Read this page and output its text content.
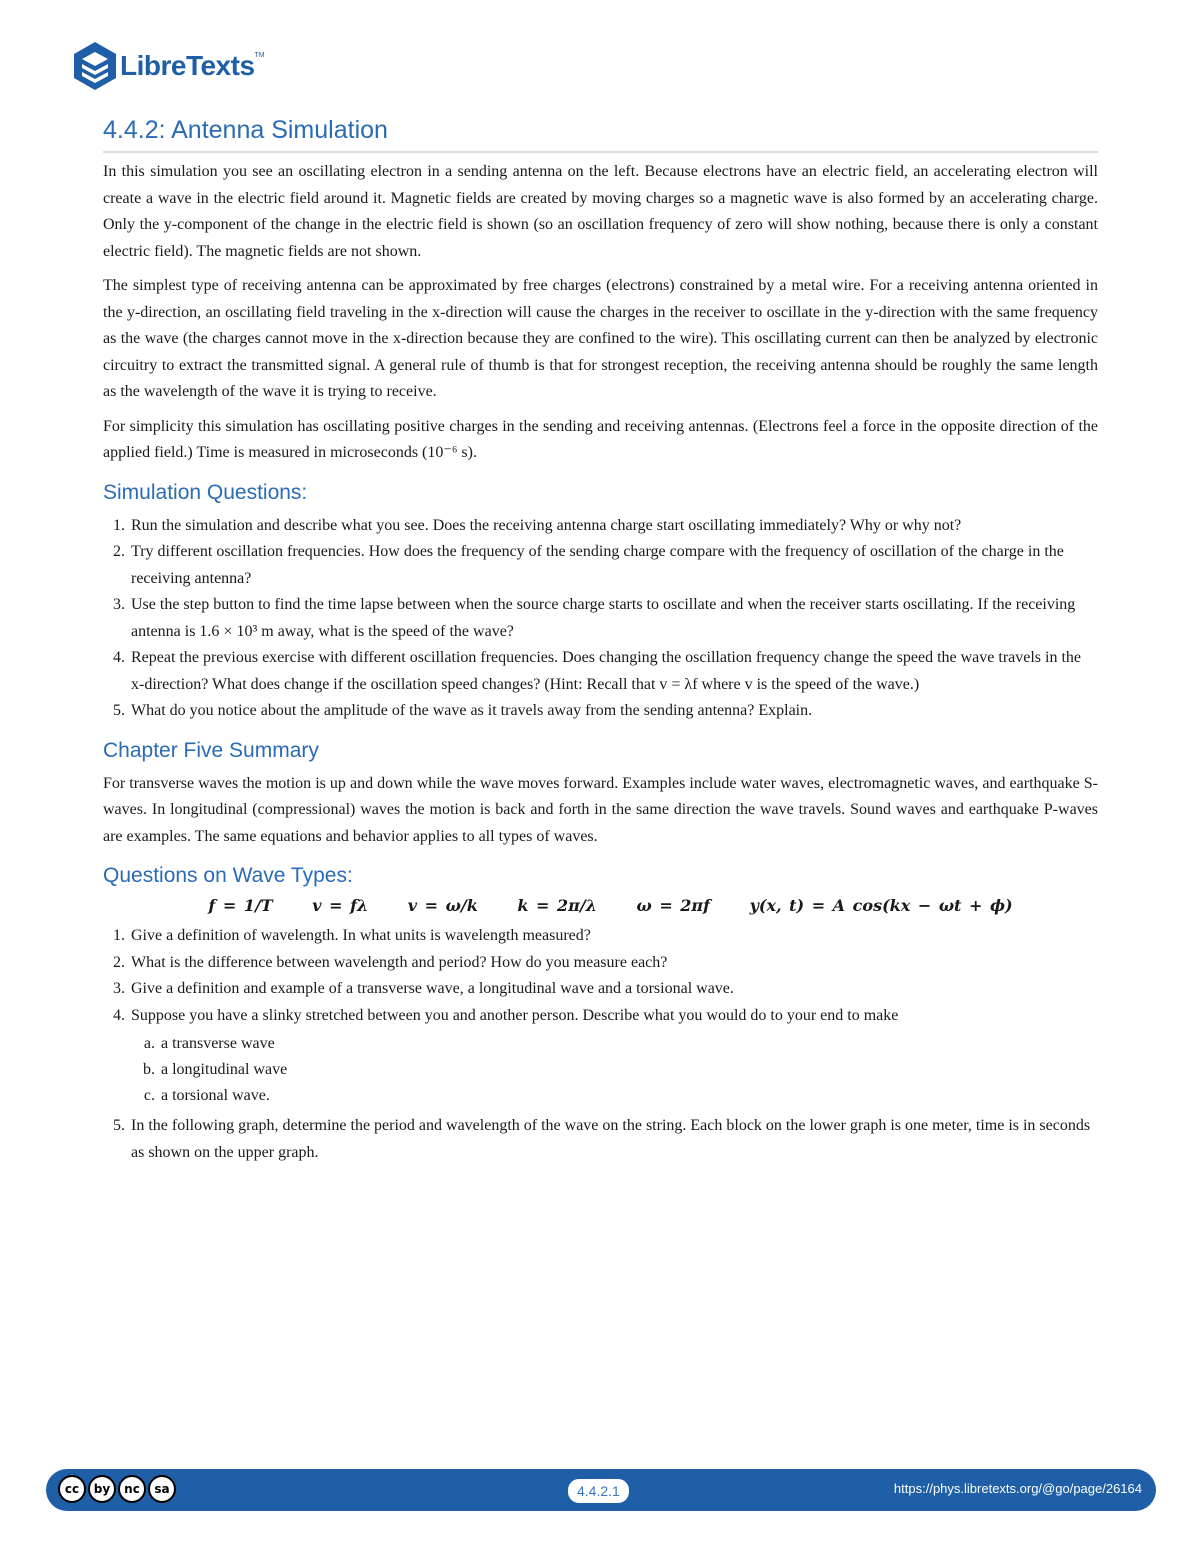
LibreTexts TM
4.4.2: Antenna Simulation

In this simulation you see an oscillating electron in a sending antenna on the left. Because electrons have an electric field, an accelerating electron will create a wave in the electric field around it. Magnetic fields are created by moving charges so a magnetic wave is also formed by an accelerating charge. Only the y-component of the change in the electric field is shown (so an oscillation frequency of zero will show nothing, because there is only a constant electric field). The magnetic fields are not shown.

The simplest type of receiving antenna can be approximated by free charges (electrons) constrained by a metal wire. For a receiving antenna oriented in the y-direction, an oscillating field traveling in the x-direction will cause the charges in the receiver to oscillate in the y-direction with the same frequency as the wave (the charges cannot move in the x-direction because they are confined to the wire). This oscillating current can then be analyzed by electronic circuitry to extract the transmitted signal. A general rule of thumb is that for strongest reception, the receiving antenna should be roughly the same length as the wavelength of the wave it is trying to receive.

For simplicity this simulation has oscillating positive charges in the sending and receiving antennas. (Electrons feel a force in the opposite direction of the applied field.) Time is measured in microseconds (10⁻⁶ s).

Simulation Questions:
1. Run the simulation and describe what you see. Does the receiving antenna charge start oscillating immediately? Why or why not?
2. Try different oscillation frequencies. How does the frequency of the sending charge compare with the frequency of oscillation of the charge in the receiving antenna?
3. Use the step button to find the time lapse between when the source charge starts to oscillate and when the receiver starts oscillating. If the receiving antenna is 1.6 × 10³ m away, what is the speed of the wave?
4. Repeat the previous exercise with different oscillation frequencies. Does changing the oscillation frequency change the speed the wave travels in the x-direction? What does change if the oscillation speed changes? (Hint: Recall that v = λf where v is the speed of the wave.)
5. What do you notice about the amplitude of the wave as it travels away from the sending antenna? Explain.
Chapter Five Summary

For transverse waves the motion is up and down while the wave moves forward. Examples include water waves, electromagnetic waves, and earthquake S-waves. In longitudinal (compressional) waves the motion is back and forth in the same direction the wave travels. Sound waves and earthquake P-waves are examples. The same equations and behavior applies to all types of waves.

Questions on Wave Types:
f = 1/T v = fλ v = ω/k k = 2π/λ ω = 2πf y(x, t) = A cos(kx − ωt + ϕ)
1. Give a definition of wavelength. In what units is wavelength measured?
2. What is the difference between wavelength and period? How do you measure each?
3. Give a definition and example of a transverse wave, a longitudinal wave and a torsional wave.
4. Suppose you have a slinky stretched between you and another person. Describe what you would do to your end to make
a. a transverse wave
b. a longitudinal wave
c. a torsional wave.
5. In the following graph, determine the period and wavelength of the wave on the string. Each block on the lower graph is one meter, time is in seconds as shown on the upper graph.
cc	by	nc	sa	4.4.2.1	https://phys.libretexts.org/@go/page/26164
